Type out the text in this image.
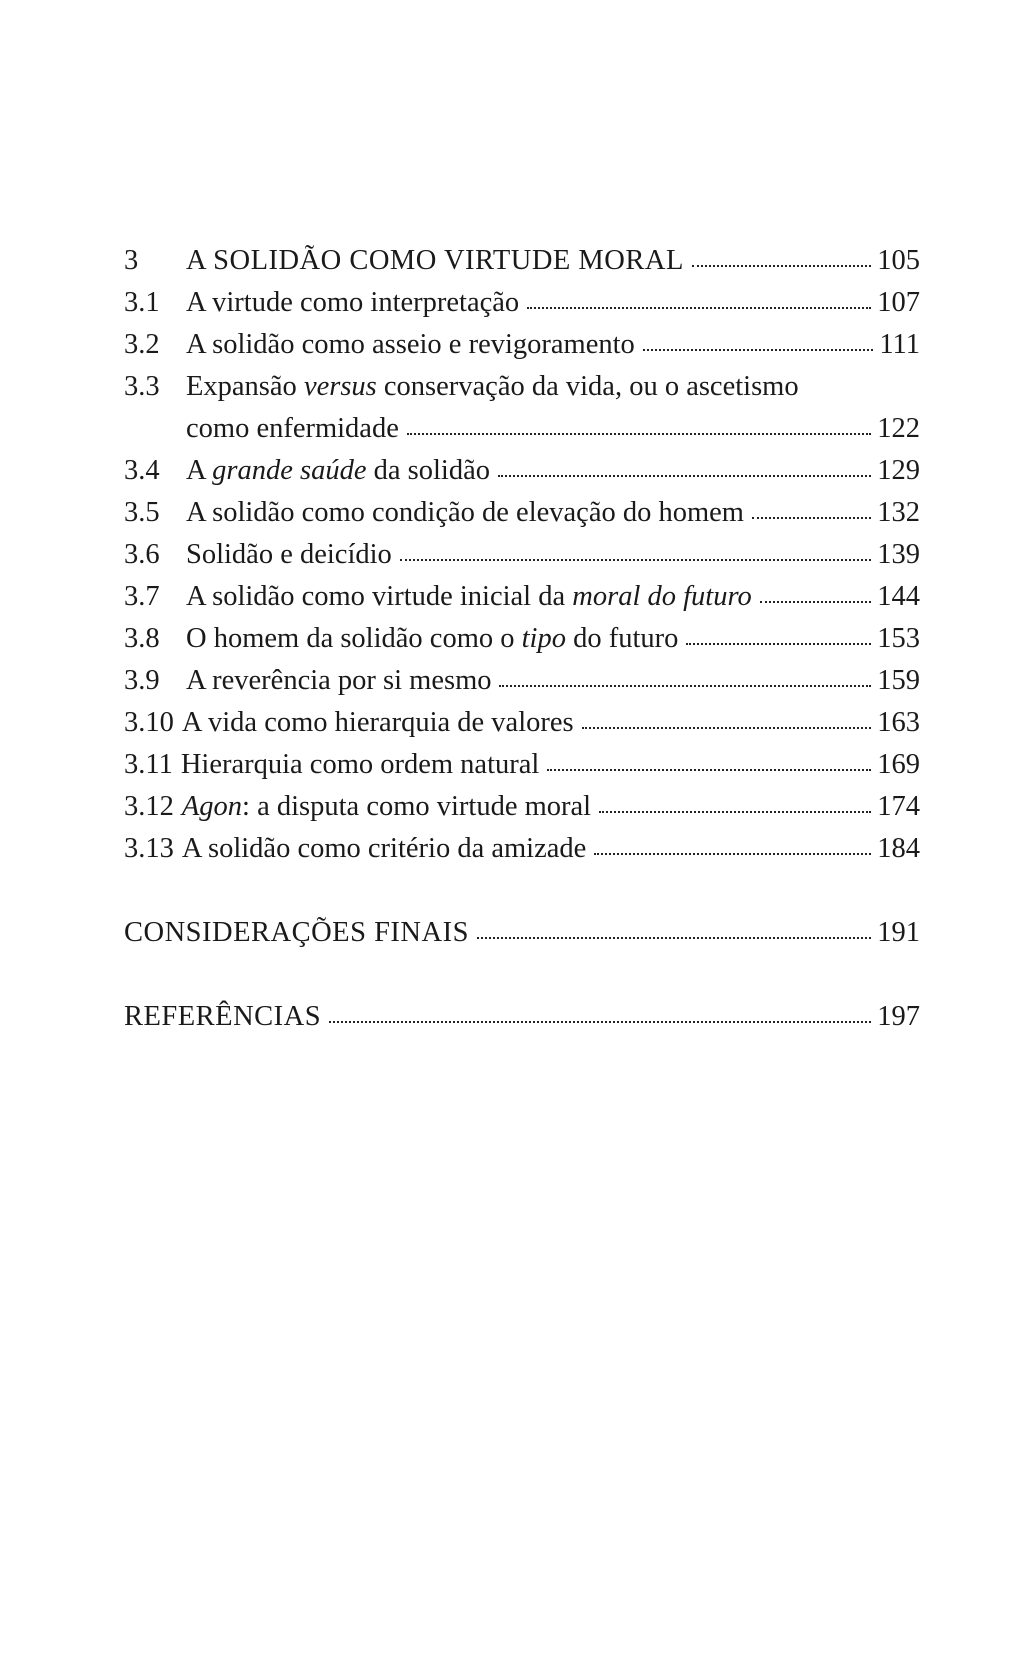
3	A SOLIDÃO COMO VIRTUDE MORAL	105
3.1 A virtude como interpretação	107
3.2 A solidão como asseio e revigoramento	111
3.3 Expansão versus conservação da vida, ou o ascetismo
como enfermidade	122
3.4 A grande saúde da solidão	129
3.5 A solidão como condição de elevação do homem	132
3.6 Solidão e deicídio	139
3.7 A solidão como virtude inicial da moral do futuro	144
3.8 O homem da solidão como o tipo do futuro	153
3.9 A reverência por si mesmo	159
3.10 A vida como hierarquia de valores	163
3.11 Hierarquia como ordem natural	169
3.12 Agon: a disputa como virtude moral	174
3.13 A solidão como critério da amizade	184
CONSIDERAÇÕES FINAIS	191
REFERÊNCIAS	197
